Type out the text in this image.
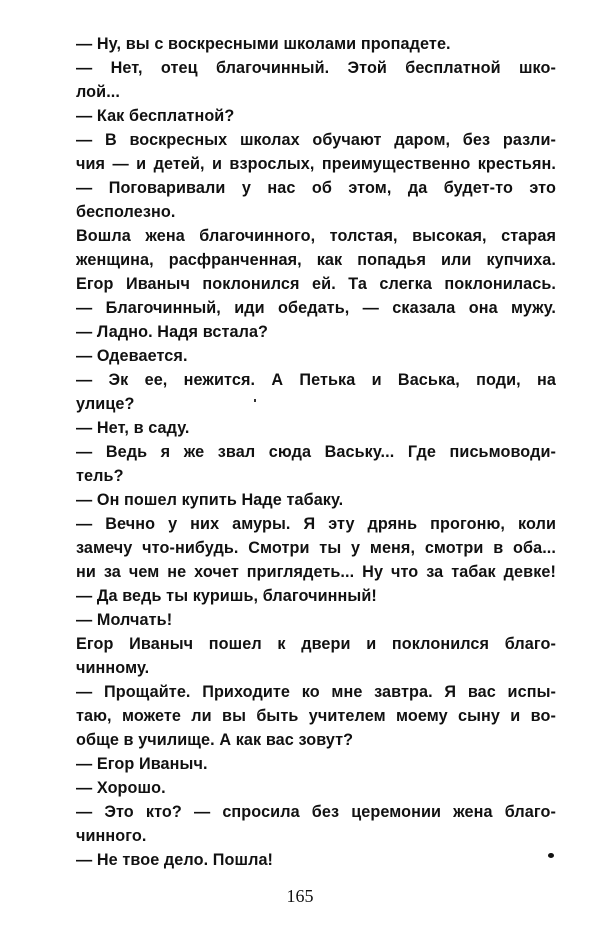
— Ну, вы с воскресными школами пропадете.
— Нет, отец благочинный. Этой бесплатной шко-
лой...
— Как бесплатной?
— В воскресных школах обучают даром, без разли-
чия — и детей, и взрослых, преимущественно крестьян.
— Поговаривали у нас об этом, да будет-то это
бесполезно.
Вошла жена благочинного, толстая, высокая, старая
женщина, расфранченная, как попадья или купчиха.
Егор Иваныч поклонился ей. Та слегка поклонилась.
— Благочинный, иди обедать, — сказала она мужу.
— Ладно. Надя встала?
— Одевается.
— Эк ее, нежится. А Петька и Васька, поди, на
улице?
— Нет, в саду.
— Ведь я же звал сюда Ваську... Где письмоводи-
тель?
— Он пошел купить Наде табаку.
— Вечно у них амуры. Я эту дрянь прогоню, коли
замечу что-нибудь. Смотри ты у меня, смотри в оба...
ни за чем не хочет приглядеть... Ну что за табак девке!
— Да ведь ты куришь, благочинный!
— Молчать!
Егор Иваныч пошел к двери и поклонился благо-
чинному.
— Прощайте. Приходите ко мне завтра. Я вас испы-
таю, можете ли вы быть учителем моему сыну и во-
обще в училище. А как вас зовут?
— Егор Иваныч.
— Хорошо.
— Это кто? — спросила без церемонии жена благо-
чинного.
— Не твое дело. Пошла!
165
